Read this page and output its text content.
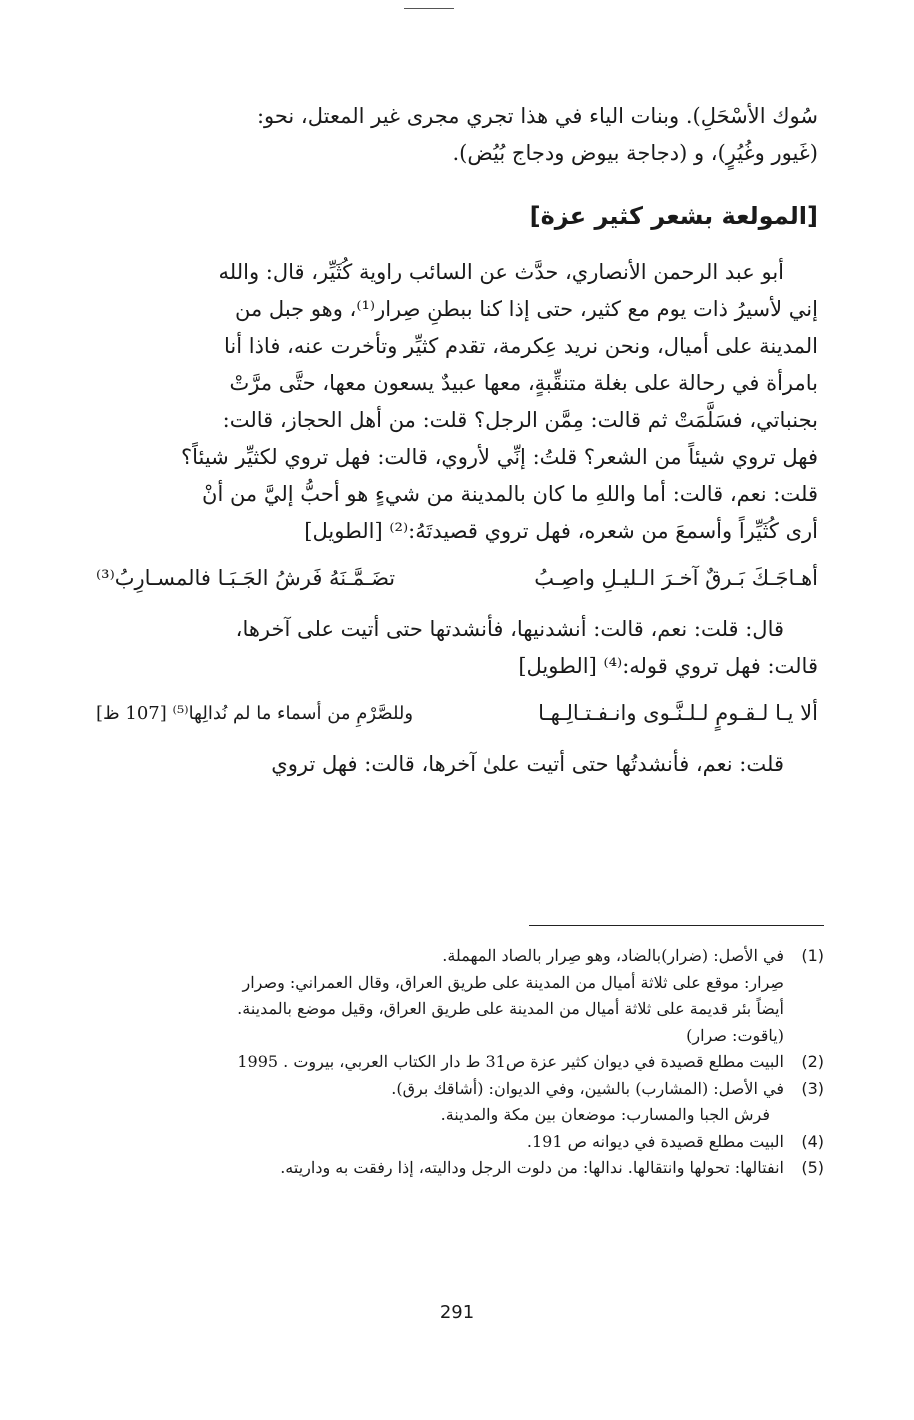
سُوك الأسْحَلِ). وبنات الياء في هذا تجري مجرى غير المعتل، نحو:
(غَيور وغُيُرٍ)، و (دجاجة بيوض ودجاج بُيُض).

[المولعة بشعر كثير عزة]

أبو عبد الرحمن الأنصاري، حدَّث عن السائب راوية كُثَيِّر، قال: والله
إني لأسيرُ ذات يوم مع كثير، حتى إذا كنا ببطنِ صِرار⁽¹⁾، وهو جبل من
المدينة على أميال، ونحن نريد عِكرمة، تقدم كثيِّر وتأخرت عنه، فاذا أنا
بامرأة في رحالة على بغلة متنقِّبةٍ، معها عبيدٌ يسعون معها، حتَّى مرَّتْ
بجنباتي، فسَلَّمَتْ ثم قالت: مِمَّن الرجل؟ قلت: من أهل الحجاز، قالت:
فهل تروي شيئاً من الشعر؟ قلتُ: إنِّي لأروي، قالت: فهل تروي لكثيِّر شيئاً؟
قلت: نعم، قالت: أما واللهِ ما كان بالمدينة من شيءٍ هو أحبُّ إليَّ من أنْ
أرى كُثَيِّراً وأسمعَ من شعره، فهل تروي قصيدتَهُ:⁽²⁾ [الطويل]

أهـاجَـكَ بَـرقٌ آخـرَ الـليـلِ واصِـبُ
تضَـمَّـنَهُ فَرشُ الجَـبَـا فالمسـارِبُ⁽³⁾

قال: قلت: نعم، قالت: أنشدنيها، فأنشدتها حتى أتيت على آخرها،
قالت: فهل تروي قوله:⁽⁴⁾ [الطويل]

ألا يـا لـقـومٍ لـلـنَّـوى وانـفـتـالِـهـا
وللصَّرْمِ من أسماء ما لم نُدالِها⁽⁵⁾ [107 ظ]

قلت: نعم، فأنشدتُها حتى أتيت علىٰ آخرها، قالت: فهل تروي

(1)
في الأصل: (ضرار)بالضاد، وهو صِرار بالصاد المهملة.
صِرار: موقع على ثلاثة أميال من المدينة على طريق العراق، وقال العمراني: وصرار
أيضاً بئر قديمة على ثلاثة أميال من المدينة على طريق العراق، وقيل موضع بالمدينة.
(ياقوت: صرار)
(2)
البيت مطلع قصيدة في ديوان كثير عزة ص31 ط دار الكتاب العربي، بيروت . 1995
(3)
في الأصل: (المشارب) بالشين، وفي الديوان: (أشاقك برق).
فرش الجبا والمسارب: موضعان بين مكة والمدينة.
(4)
البيت مطلع قصيدة في ديوانه ص 191.
(5)
انفتالها: تحولها وانتقالها. ندالها: من دلوت الرجل وداليته، إذا رفقت به وداريته.
291
